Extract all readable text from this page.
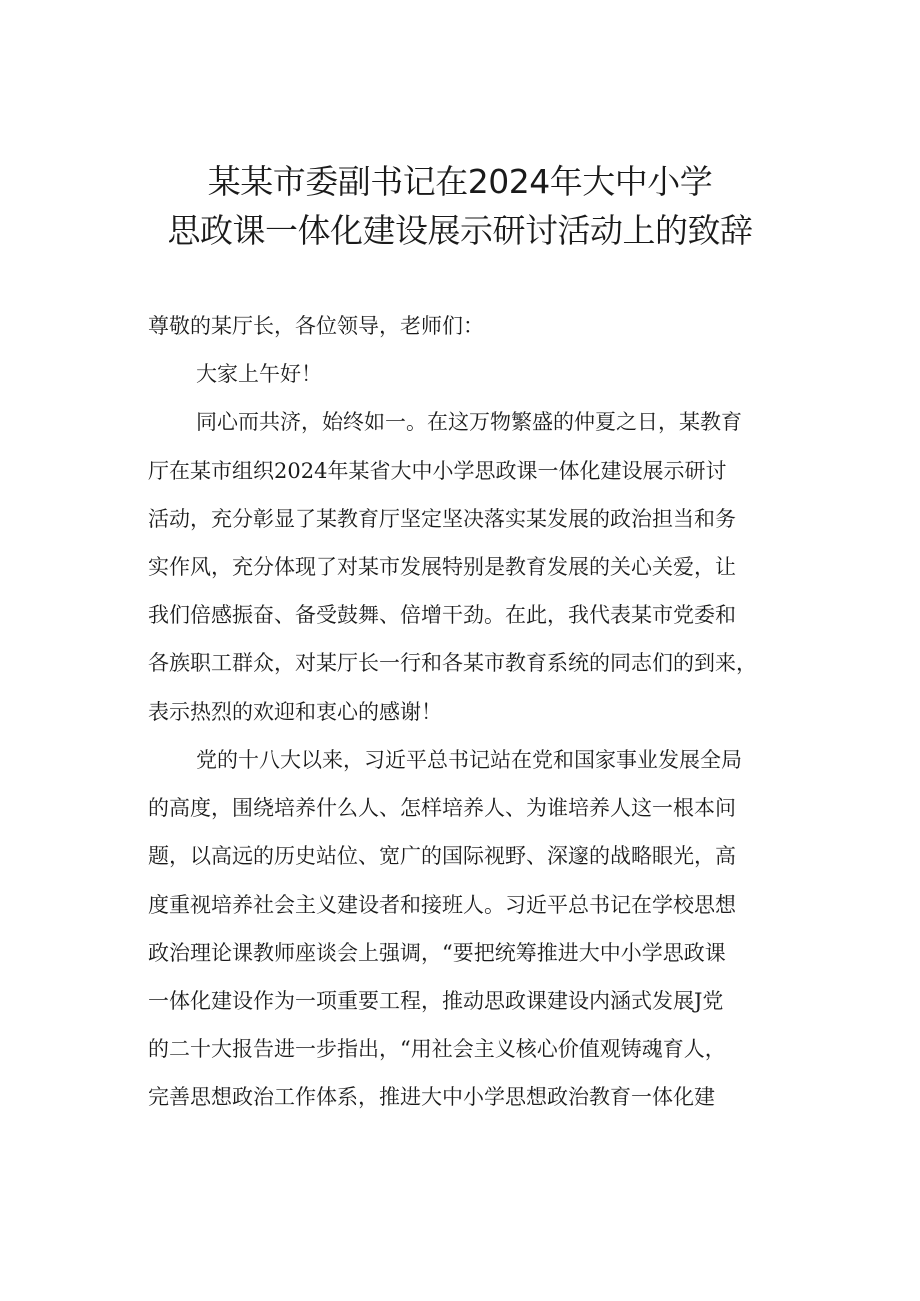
某某市委副书记在2024年大中小学
思政课一体化建设展示研讨活动上的致辞
尊敬的某厅长，各位领导，老师们：
大家上午好！
同心而共济，始终如一。在这万物繁盛的仲夏之日，某教育
厅在某市组织2024年某省大中小学思政课一体化建设展示研讨
活动，充分彰显了某教育厅坚定坚决落实某发展的政治担当和务
实作风，充分体现了对某市发展特别是教育发展的关心关爱，让
我们倍感振奋、备受鼓舞、倍增干劲。在此，我代表某市党委和
各族职工群众，对某厅长一行和各某市教育系统的同志们的到来，
表示热烈的欢迎和衷心的感谢！
党的十八大以来，习近平总书记站在党和国家事业发展全局
的高度，围绕培养什么人、怎样培养人、为谁培养人这一根本问
题，以高远的历史站位、宽广的国际视野、深邃的战略眼光，高
度重视培养社会主义建设者和接班人。习近平总书记在学校思想
政治理论课教师座谈会上强调，“要把统筹推进大中小学思政课
一体化建设作为一项重要工程，推动思政课建设内涵式发展J党
的二十大报告进一步指出，“用社会主义核心价值观铸魂育人，
完善思想政治工作体系，推进大中小学思想政治教育一体化建
